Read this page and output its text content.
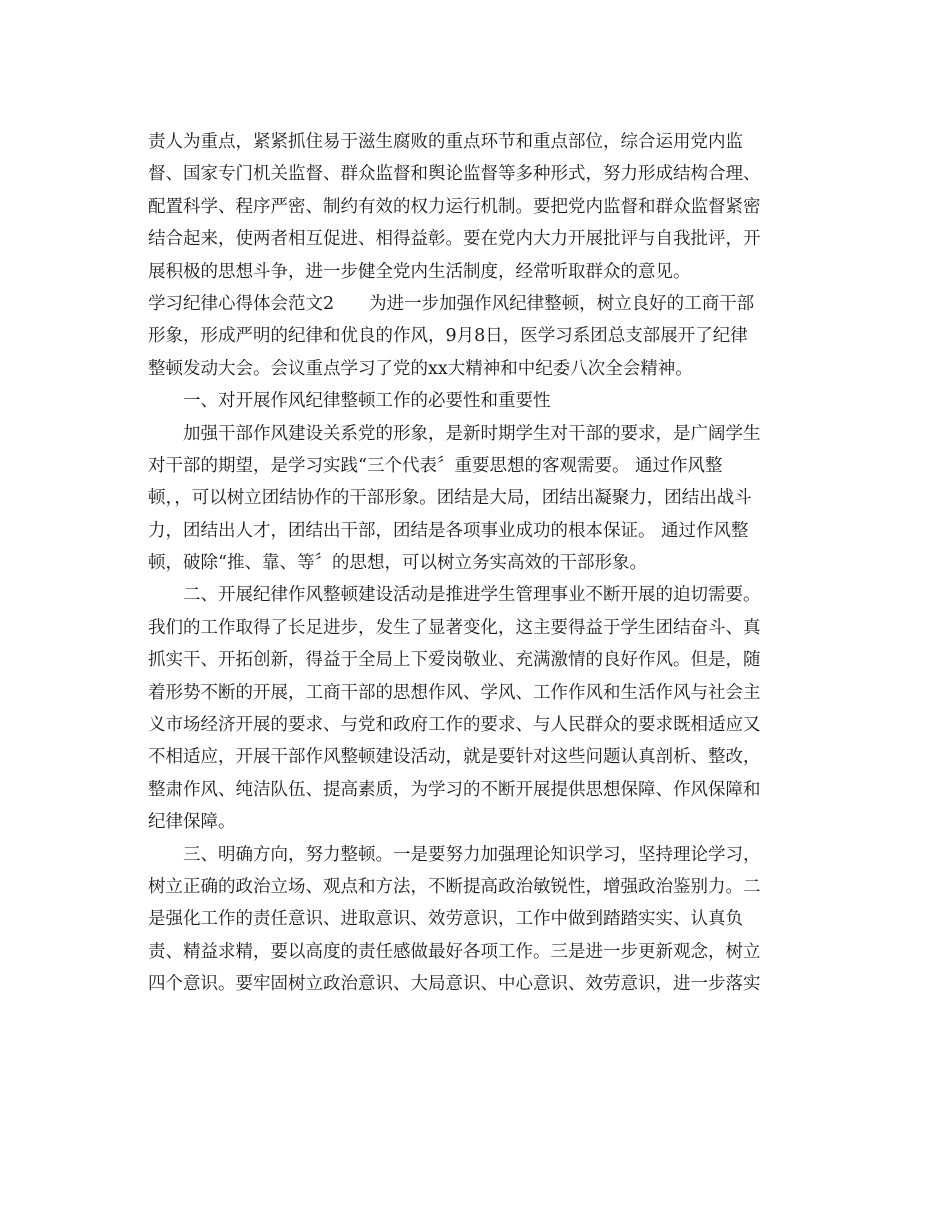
责人为重点，紧紧抓住易于滋生腐败的重点环节和重点部位，综合运用党内监
督、国家专门机关监督、群众监督和舆论监督等多种形式，努力形成结构合理、
配置科学、程序严密、制约有效的权力运行机制。要把党内监督和群众监督紧密
结合起来，使两者相互促进、相得益彰。要在党内大力开展批评与自我批评，开
展积极的思想斗争，进一步健全党内生活制度，经常听取群众的意见。
学习纪律心得体会范文2　　为进一步加强作风纪律整顿，树立良好的工商干部
形象，形成严明的纪律和优良的作风，9月8日，医学习系团总支部展开了纪律
整顿发动大会。会议重点学习了党的xx大精神和中纪委八次全会精神。
　　一、对开展作风纪律整顿工作的必要性和重要性
　　加强干部作风建设关系党的形象，是新时期学生对干部的要求，是广阔学生
对干部的期望，是学习实践“三个代表〞重要思想的客观需要。 通过作风整
顿，，可以树立团结协作的干部形象。团结是大局，团结出凝聚力，团结出战斗
力，团结出人才，团结出干部，团结是各项事业成功的根本保证。 通过作风整
顿，破除“推、靠、等〞的思想，可以树立务实高效的干部形象。
　　二、开展纪律作风整顿建设活动是推进学生管理事业不断开展的迫切需要。
我们的工作取得了长足进步，发生了显著变化，这主要得益于学生团结奋斗、真
抓实干、开拓创新，得益于全局上下爱岗敬业、充满激情的良好作风。但是，随
着形势不断的开展，工商干部的思想作风、学风、工作作风和生活作风与社会主
义市场经济开展的要求、与党和政府工作的要求、与人民群众的要求既相适应又
不相适应，开展干部作风整顿建设活动，就是要针对这些问题认真剖析、整改，
整肃作风、纯洁队伍、提高素质，为学习的不断开展提供思想保障、作风保障和
纪律保障。
　　三、明确方向，努力整顿。一是要努力加强理论知识学习，坚持理论学习，
树立正确的政治立场、观点和方法，不断提高政治敏锐性，增强政治鉴别力。二
是强化工作的责任意识、进取意识、效劳意识，工作中做到踏踏实实、认真负
责、精益求精，要以高度的责任感做最好各项工作。三是进一步更新观念，树立
四个意识。要牢固树立政治意识、大局意识、中心意识、效劳意识，进一步落实
